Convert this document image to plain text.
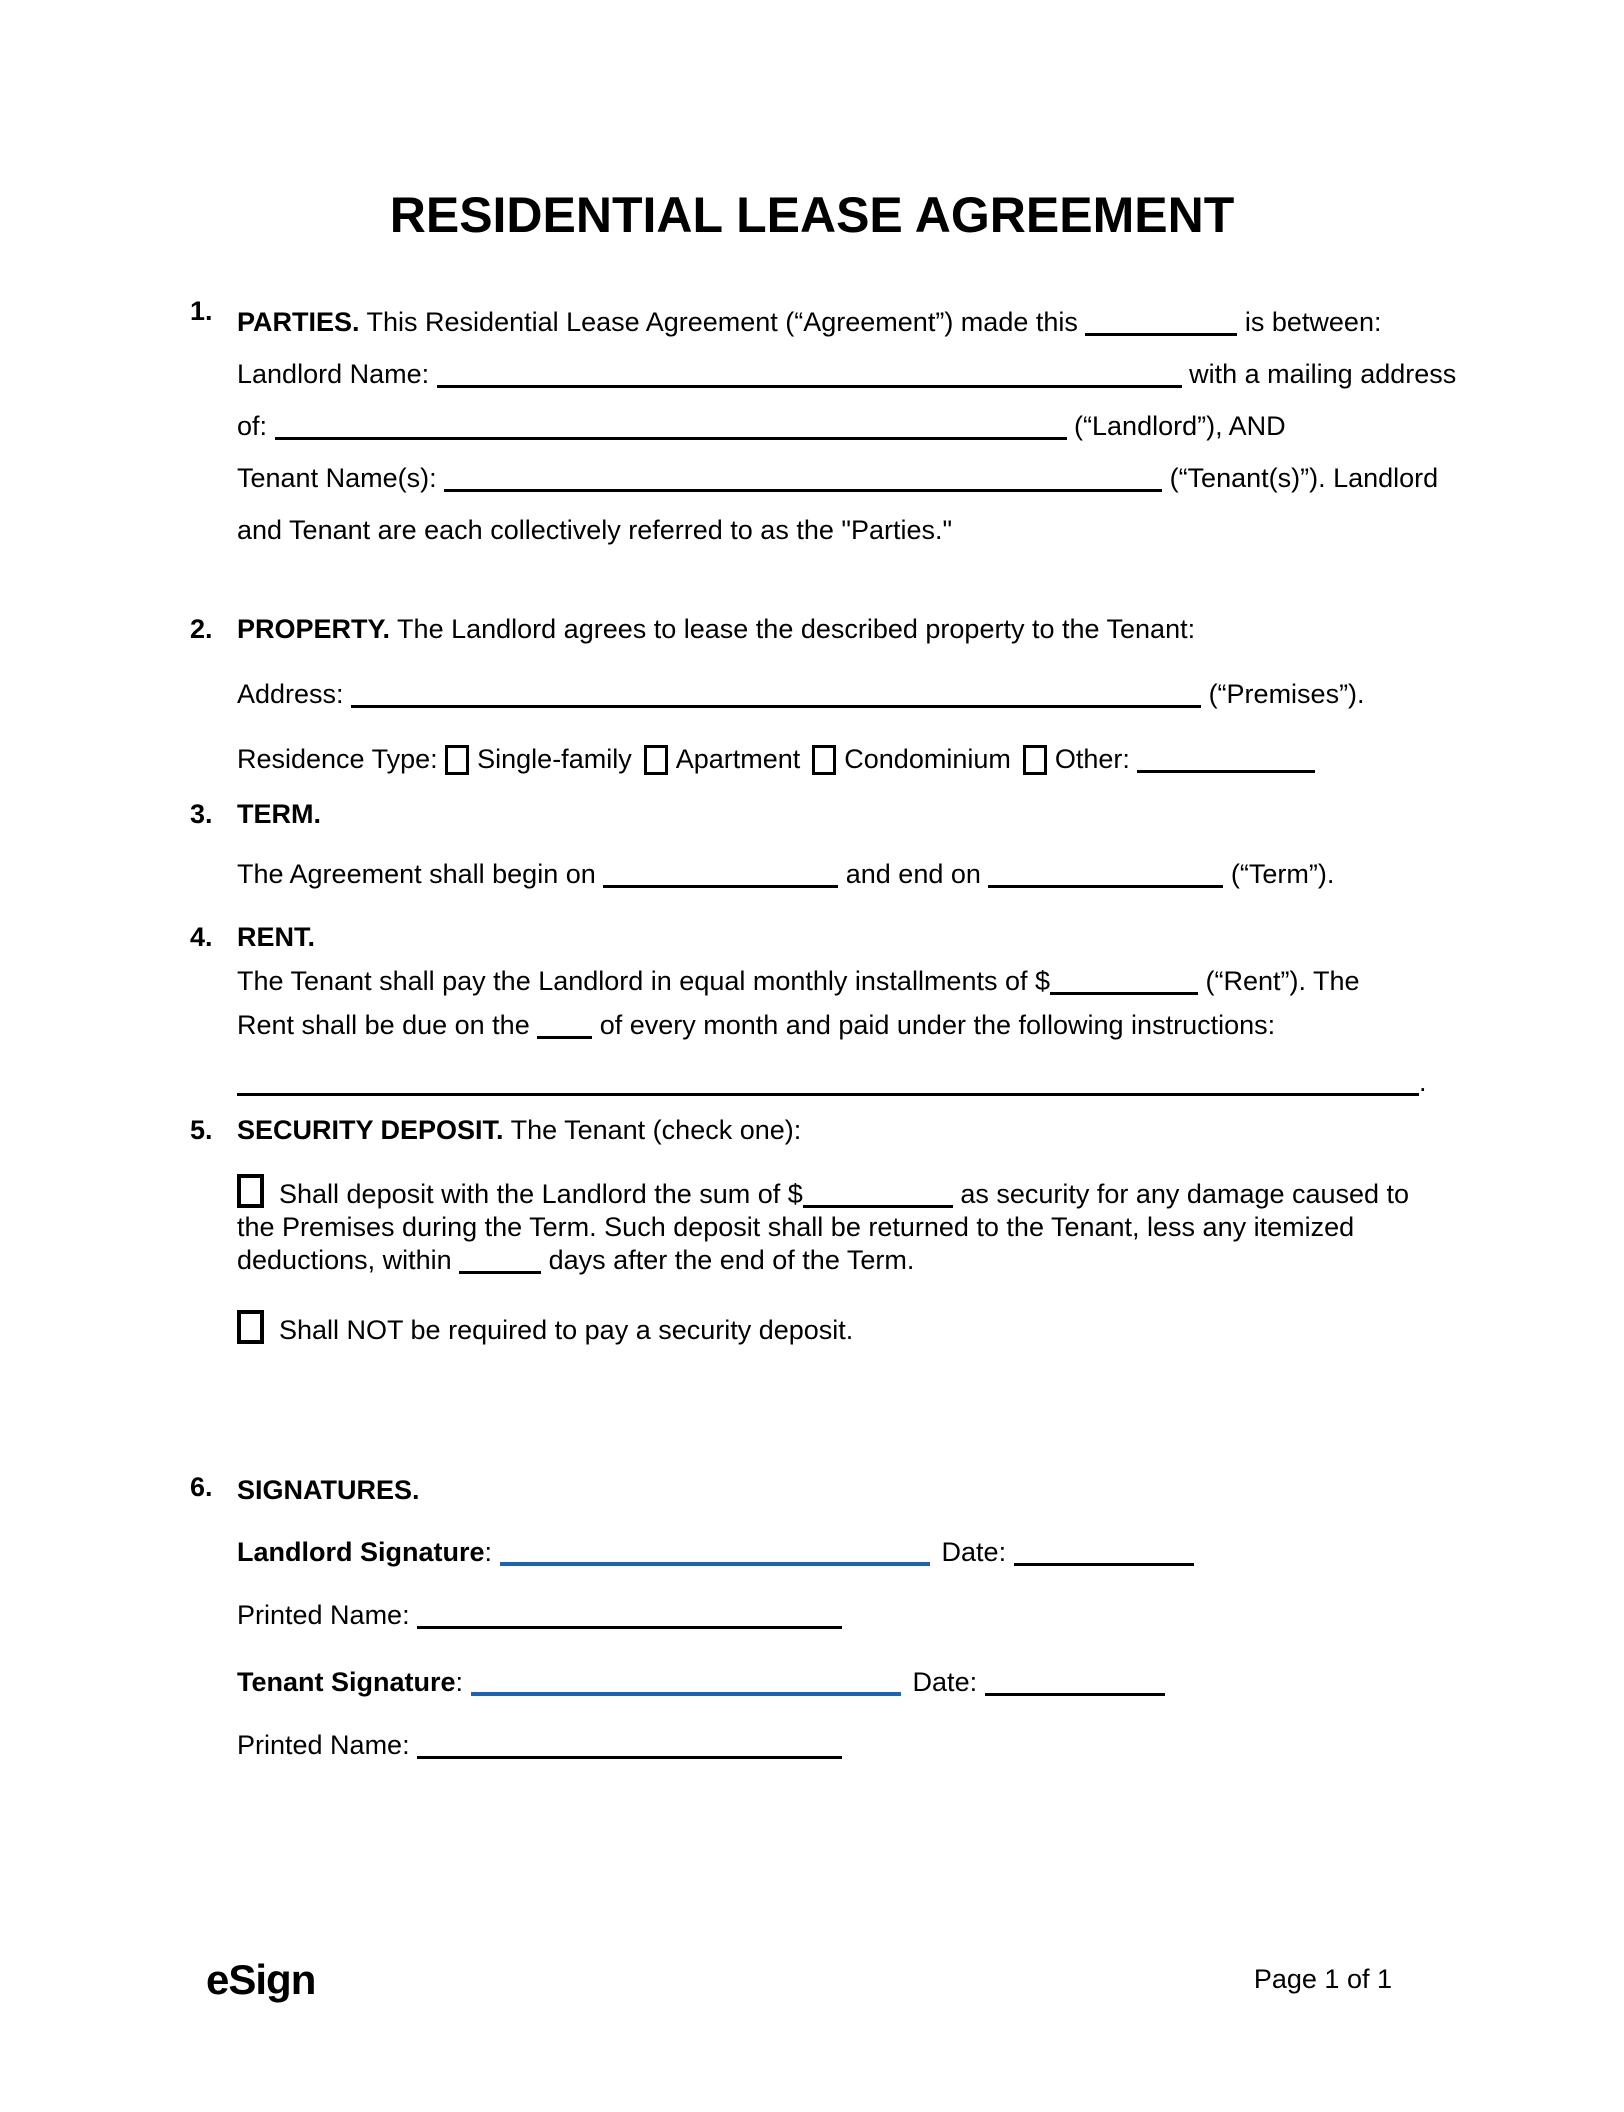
RESIDENTIAL LEASE AGREEMENT
1. PARTIES. This Residential Lease Agreement (“Agreement”) made this	is between:
Landlord Name:	with a mailing address
of:	(“Landlord”), AND
Tenant Name(s):	(“Tenant(s)”). Landlord
and Tenant are each collectively referred to as the "Parties."
2. PROPERTY. The Landlord agrees to lease the described property to the Tenant:
Address:	(“Premises”).
Residence Type: Single-family Apartment Condominium Other:
3. TERM.
The Agreement shall begin on	and end on	(“Term”).
4. RENT.
The Tenant shall pay the Landlord in equal monthly installments of $	(“Rent”). The
Rent shall be due on the  of every month and paid under the following instructions:
.
5. SECURITY DEPOSIT. The Tenant (check one):
Shall deposit with the Landlord the sum of $	as security for any damage caused to the Premises during the Term. Such deposit shall be returned to the Tenant, less any itemized deductions, within	days after the end of the Term.
Shall NOT be required to pay a security deposit.
6. SIGNATURES.
Landlord Signature:	Date:
Printed Name:
Tenant Signature:	Date:
Printed Name:
eSign	Page 1 of 1
